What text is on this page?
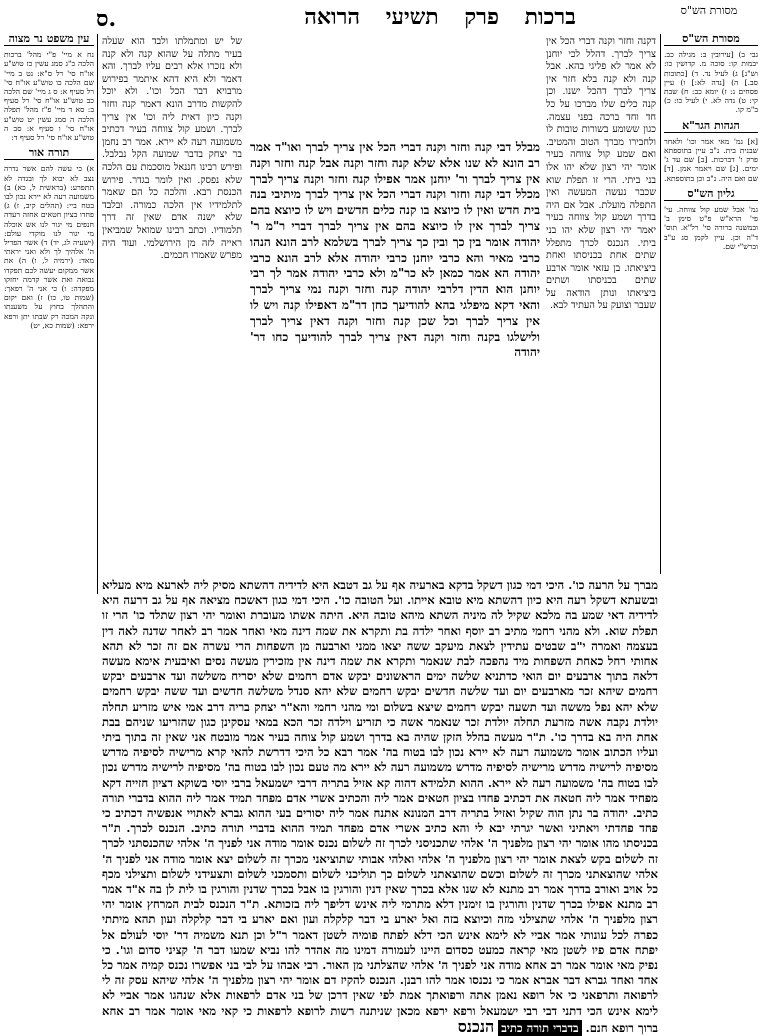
ס.	ברכות פרק תשיעי הרואה	מסורת הש"ס
מסורת הש"ס
גבי ב) [עירובין ב: מגילה כב. יבמות קו: סוכה מ. קדושין כו: וש"נ] ג) לעיל נד. ד) [כתובות סב.] ה) [נדה לא:] ו) עיין פסחים נ: ז) יומא כב: ח) שבת קי: ט) נדה לא. י) לעיל כו: כ) ב"מ קו.
הגהות הגר"א
[א] גמ' מאי אמר וכו' ולאחר שבנית בית. נ"ב עיין בתוספתא פרק ו' דברכות. [ב] שם עד ג' ימים. [ג] שם ויאמר אמן. [ד] שם ואם היה. נ"ב וכן בתוספתא.
גליון הש"ס
גמ' אבל שמע קול צווחה. עי' פי' הרא"ש פ"ט סימן ב' ובמשנה ברורה סי' רל"א. תוס' ד"ה וכן. עיין לקמן סג ע"ב וברש"י שם.
עין משפט נר מצוה
נח א מיי' פ"י מהל' ברכות הלכה כ"ג סמג עשין כז טוש"ע או"ח סי' רל ס"א: נט ב מיי' שם הלכה כו טוש"ע או"ח סי' רל סעיף א: ס ג מיי' שם הלכה כב טוש"ע או"ח סי' רל סעיף ב: סא ד מיי' פ"ז מהל' תפלה הלכה ה סמג עשין יט טוש"ע או"ח סי' ו סעיף א: סב ה טוש"ע או"ח סי' רל סעיף ד:
תורה אור
א) כי עשה להם אשר נדרה נצב לא יבוא לך ובגדה לא תתפרע: (בראשית ל, כא) ב) משמועה רעה לא יירא נכון לבו בטח ביי: (תהלים קיב, ז) ג) פחדו בציון חטאים אחזה רעדה חנפים מי יגור לנו אש אוכלה מי יגור לנו מוקדי עולם: (ישעיה לג, יד) ד) אשר הפדיל ה' אלהיך לך ולא ואני יראתי מאד: (ירמיה ל, ו) ה) את אשר ממקום יעשה לכם תפקדו נבואה ואת אשר קדמה יחזקו מפקדה: ו) כי אני ה' רפאך: (שמות טו, כו) ז) ואם יקום והתהלך בחוץ על משענתו ונקה המכה רק שבתו יתן ורפא ירפא: (שמות כא, יט)
דקנה וחזר וקנה דברי הכל אין צריך לברך. דהלל לכי יוחנן לא אמר לא פליגי בהא. אבל קנה ולא קנה בלא חזר אין צריך לברך דהכל ישנו. וכן קנה כלים שלו מברכו על כל חד וחד ברכה בפני עצמה. כגון ששומע בשורות טובות לו ולחבירו מברך הטוב והמטיב. ואם שמע קול צווחה בעיר אומר יהי רצון שלא יהו אלו בני ביתי. הרי זו תפלת שוא שכבר נעשה המעשה ואין התפלה מועלת. אבל אם היה בדרך ושמע קול צווחה בעיר יאמר יהי רצון שלא יהו בני ביתי. הנכנס לכרך מתפלל שתים אחת בכניסתו ואחת ביציאתו. בן עזאי אומר ארבע שתים בכניסתו ושתים ביציאתו ונותן הודאה על שעבר וצועק על העתיד לבא.
של יש ומתמלתו ולבד הוא שעלה בעיר מתלה על שהוא קנה ולא קנה ולא נזכרו אלא רבים עליו לברך. והא דאמר ולא היא דהא איתמר בפירוש מרבויא דבר הכל וכו'. ולא יוכל להקשות מדרב הונא דאמר קנה וחזר וקנה כיון דאית ליה וכו' אין צריך לברך. ושמע קול צווחה בעיר דכתיב משמועה רעה לא יירא. אמר רב נחמן בר יצחק בדבר שמועה הקל נבלבל. ופירש רבינו חננאל מוסכמת עם הלכה שלא נפסק. ואין לומר בגדר. פירוש הכנסת רבא. והלכה כל הם שאמר לתלמידיו אין הלכה כמורה. ובלבד שלא ישנה אדם שאין זה דרך תלמודיו. וכתב רבינו שמואל שמביאין ראייה לזה מן הירושלמי. ועוד היה מפרש שאמרו חכמים.
מבלל דבי קנה וחזר וקנה דברי הכל אין צריך לברך ואו"ד אמר רב הונא לא שנו אלא שלא קנה וחזר וקנה אבל קנה וחזר וקנה אין צריך לברך ור' יוחנן אמר אפילו קנה וחזר וקנה צריך לברך מכלל דבי קנה וחזר וקנה דברי הכל אין צריך לברך מיתיבי בנה בית חדש ואין לו כיוצא בו קנה כלים חדשים ויש לו כיוצא בהם צריך לברך אין לו כיוצא בהם אין צריך לברך דברי ר"מ ר' יהודה אומר בין כך ובין כך צריך לברך בשלמא לרב הונא הנהו כרבי מאיר והא כרבי יוחנן כרבי יהודה אלא לרב הונא כרבי יהודה הא אמר כמאן לא כר"מ ולא כרבי יהודה אמר לך רבי יוחנן הוא הדין דלרבי יהודה קנה וחזר וקנה נמי צריך לברך והאי דקא מיפלגי בהא להודיעך כחן דר"מ דאפילו קנה ויש לו אין צריך לברך וכל שכן קנה וחזר וקנה דאין צריך לברך ולישלגו בקנה וחזר וקנה דאין צריך לברך להודיעך כחו דר' יהודה
מברך על הרעה כו'. היכי דמי כגון דשקל בדקא בארעיה אף על גב דטבא היא לדידיה דהשתא מסיק ליה לארעא מיא מעליא ובשעתא דשקל רעה היא כיון דהשתא מיא טובא אייתו. ועל הטובה כו'. היכי דמי כגון דאשכח מציאה אף על גב דרעה היא לדידיה דאי שמע בה מלכא שקיל לה מיניה השתא מיהא טובה היא. היתה אשתו מעוברת ואומר יהי רצון שתלד כו' הרי זו תפלת שוא. ולא מהני רחמי מתיב רב יוסף ואחר ילדה בת ותקרא את שמה דינה מאי ואחר אמר רב לאחר שדנה לאה דין בעצמה ואמרה י"ב שבטים עתידין לצאת מיעקב ששה יצאו ממני וארבעה מן השפחות הרי עשרה אם זה זכר לא תהא אחותי רחל כאחת השפחות מיד נהפכה לבת שנאמר ותקרא את שמה דינה אין מזכירין מעשה נסים ואיבעית אימא מעשה דלאה בתוך ארבעים יום הואי כדתניא שלשה ימים הראשונים יבקש אדם רחמים שלא יסריח משלשה ועד ארבעים יבקש רחמים שיהא זכר מארבעים יום ועד שלשה חדשים יבקש רחמים שלא יהא סנדל משלשה חדשים ועד ששה יבקש רחמים שלא יהא נפל מששה ועד תשעה יבקש רחמים שיצא בשלום ומי מהני רחמי והא"ר יצחק בריה דרב אמי איש מזריע תחלה יולדת נקבה אשה מזרעת תחלה יולדת זכר שנאמר אשה כי תזריע וילדה זכר הכא במאי עסקינן כגון שהזריעו שניהם בבת אחת היה בא בדרך כו'. ת"ר מעשה בהלל הזקן שהיה בא בדרך ושמע קול צוחה בעיר אמר מובטח אני שאין זה בתוך ביתי ועליו הכתוב אומר משמועה רעה לא יירא נכון לבו בטוח בה' אמר רבא כל היכי דדרשת להאי קרא מרישיה לסיפיה מדרש מסיפיה לרישיה מדרש מרישיה לסיפיה מדרש משמועה רעה לא יירא מה טעם נכון לבו בטוח בה' מסיפיה לרישיה מדרש נכון לבו בטוח בה' משמועה רעה לא יירא. ההוא תלמידא דהוה קא אזיל בתריה דרבי ישמעאל ברבי יוסי בשוקא דציון חזייה דקא מפחיד אמר ליה חטאה את דכתיב פחדו בציון חטאים אמר ליה והכתיב אשרי אדם מפחד תמיד אמר ליה ההוא בדברי תורה כתיב. יהודה בר נתן הוה שקיל ואזיל בתריה דרב המנונא אתנח אמר ליה יסורים בעי ההוא גברא לאתויי אנפשיה דכתיב כי פחד פחדתי ויאתיני ואשר יגרתי יבא לי והא כתיב אשרי אדם מפחד תמיד ההוא בדברי תורה כתיב. הנכנס לכרך. ת"ר בכניסתו מהו אומר יהי רצון מלפניך ה' אלהי שתכניסני לכרך זה לשלום נכנס אומר מודה אני לפניך ה' אלהי שהכנסתני לכרך זה לשלום בקש לצאת אומר יהי רצון מלפניך ה' אלהי ואלהי אבותי שתוציאני מכרך זה לשלום יצא אומר מודה אני לפניך ה' אלהי שהוצאתני מכרך זה לשלום וכשם שהוצאתני לשלום כך תוליכני לשלום ותסמכני לשלום ותצעידני לשלום ותצילני מכף כל אויב ואורב בדרך אמר רב מתנא לא שנו אלא בכרך שאין דנין והורגין בו אבל בכרך שדנין והורגין בו לית לן בה א"ד אמר רב מתנא אפילו בכרך שדנין והורגין בו זימנין דלא מתרמי ליה אינש דליפך ליה בזכותא. ת"ר הנכנס לבית המרחץ אומר יהי רצון מלפניך ה' אלהי שתצילני מזה וכיוצא בזה ואל יארע בי דבר קלקלה ועון ואם יארע בי דבר קלקלה ועון תהא מיתתי כפרה לכל עונותי אמר אביי לא לימא אינש הכי דלא לפתח פומיה לשטן דאמר ר"ל וכן תנא משמיה דר' יוסי לעולם אל יפתח אדם פיו לשטן מאי קראה כמעט כסדום היינו לעמורה דמינו מה אהדר להו נביא שמעו דבר ה' קציני סדום וגו'. כי נפיק מאי אומר אמר רב אחא מודה אני לפניך ה' אלהי שהצלתני מן האור. רבי אבהו על לבי בני אפשרו נכנס קמיה אמר כל אחד ואחד גברא דבר אברא אמר כי נכנסו אמר להו רבנן. הנכנס להקיז דם אומר יהי רצון מלפניך ה' אלהי שיהא עסק זה לי לרפואה ותרפאני כי אל רופא נאמן אתה ורפואתך אמת לפי שאין דרכן של בני אדם לרפאות אלא שנהגו אמר אביי לא לימא אינש הכי דתני דבי רבי ישמעאל ורפא ירפא מכאן שניתנה רשות לרופא לרפאות כי קאי מאי אומר אמר רב אחא ברוך רופא חנם. בדברי תורה כתיב הנכנס
